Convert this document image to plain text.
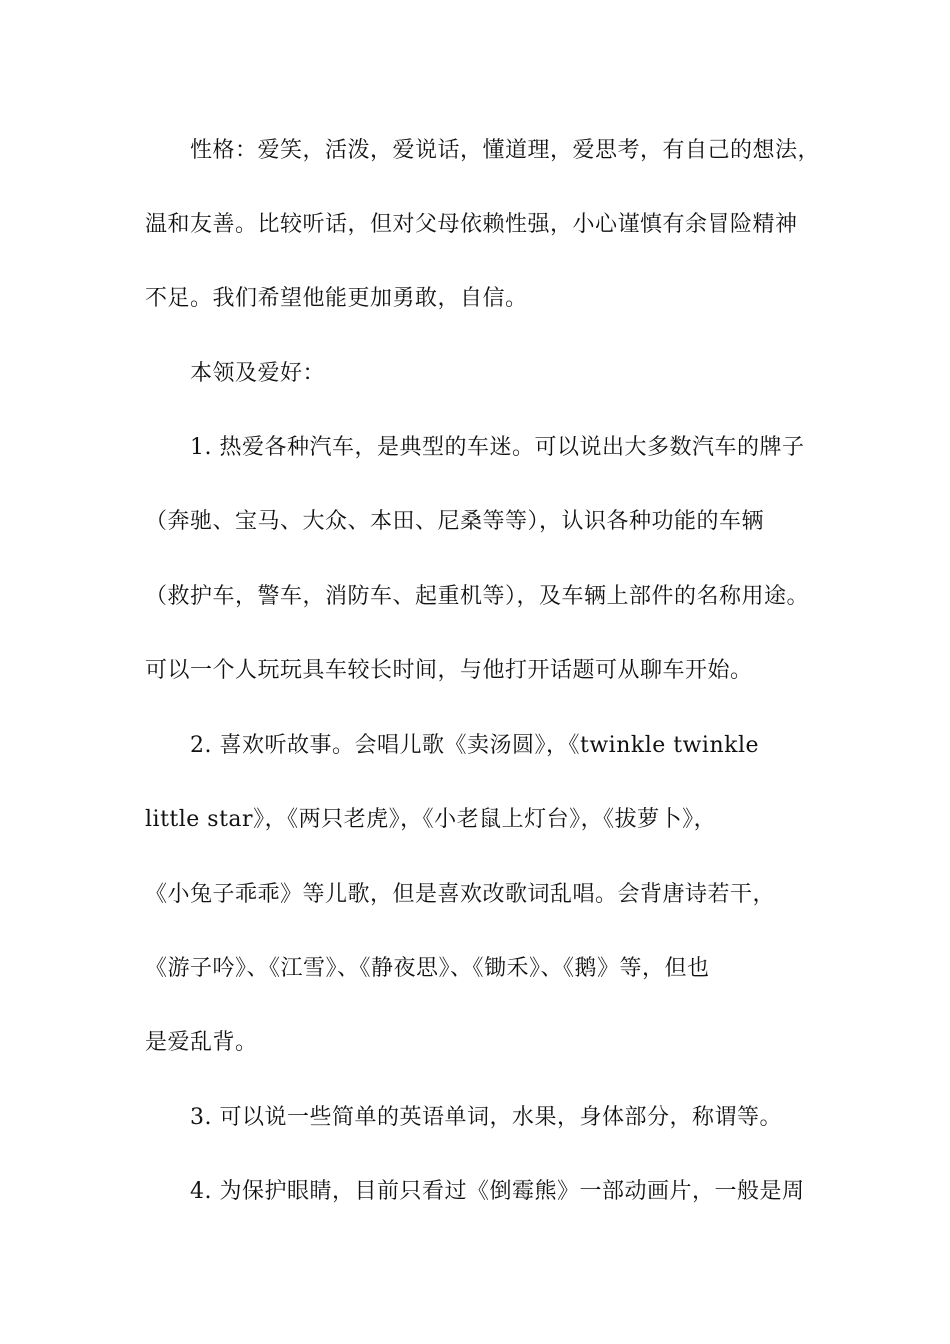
性格：爱笑，活泼，爱说话，懂道理，爱思考，有自己的想法，
温和友善。比较听话，但对父母依赖性强，小心谨慎有余冒险精神
不足。我们希望他能更加勇敢，自信。
本领及爱好：
1. 热爱各种汽车，是典型的车迷。可以说出大多数汽车的牌子
（奔驰、宝马、大众、本田、尼桑等等），认识各种功能的车辆
（救护车，警车，消防车、起重机等），及车辆上部件的名称用途。
可以一个人玩玩具车较长时间，与他打开话题可从聊车开始。
2. 喜欢听故事。会唱儿歌《卖汤圆》，《twinkle twinkle
little star》，《两只老虎》，《小老鼠上灯台》，《拔萝卜》，
《小兔子乖乖》等儿歌，但是喜欢改歌词乱唱。会背唐诗若干，
《游子吟》、《江雪》、《静夜思》、《锄禾》、《鹅》等，但也
是爱乱背。
3. 可以说一些简单的英语单词，水果，身体部分，称谓等。
4. 为保护眼睛，目前只看过《倒霉熊》一部动画片，一般是周
